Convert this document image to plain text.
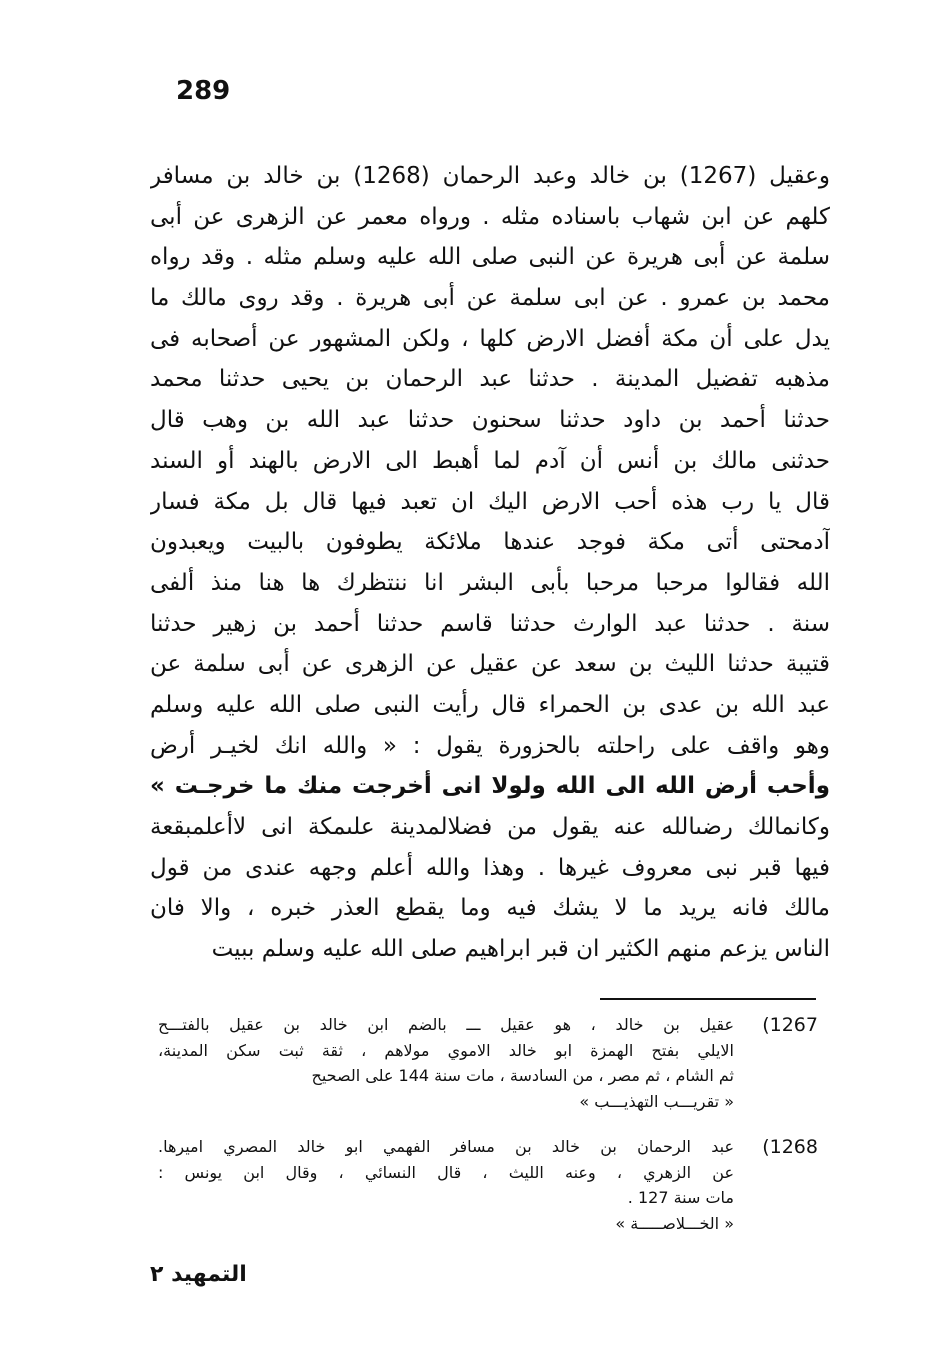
289
وعقيل (1267) بن خالد وعبد الرحمان (1268) بن خالد بن مسافر
كلهم عن ابن شهاب باسناده مثله . ورواه معمر عن الزهرى عن أبى
سلمة عن أبى هريرة عن النبى صلى الله عليه وسلم مثله . وقد رواه
محمد بن عمرو . عن ابى سلمة عن أبى هريرة . وقد روى مالك ما
يدل على أن مكة أفضل الارض كلها ، ولكن المشهور عن أصحابه فى
مذهبه تفضيل المدينة . حدثنا عبد الرحمان بن يحيى حدثنا محمد
حدثنا أحمد بن داود حدثنا سحنون حدثنا عبد الله بن وهب قال
حدثنى مالك بن أنس أن آدم لما أهبط الى الارض بالهند أو السند
قال يا رب هذه أحب الارض اليك ان تعبد فيها قال بل مكة فسار
آدمحتى أتى مكة فوجد عندها ملائكة يطوفون بالبيت ويعبدون
الله فقالوا مرحبا مرحبا بأبى البشر انا ننتظرك ها هنا منذ ألفى
سنة . حدثنا عبد الوارث حدثنا قاسم حدثنا أحمد بن زهير حدثنا
قتيبة حدثنا الليث بن سعد عن عقيل عن الزهرى عن أبى سلمة عن
عبد الله بن عدى بن الحمراء قال رأيت النبى صلى الله عليه وسلم
وهو واقف على راحلته بالحزورة يقول : « والله انك لخيـر أرض
وأحب أرض الله الى الله ولولا انى أخرجت منك ما خرجـت »
وكانمالك رضىالله عنه يقول من فضلالمدينة علىمكة انى لاأعلمبقعة
فيها قبر نبى معروف غيرها . وهذا والله أعلم وجهه عندى من قول
مالك فانه يريد ما لا يشك فيه وما يقطع العذر خبره ، والا فان
الناس يزعم منهم الكثير ان قبر ابراهيم صلى الله عليه وسلم ببيت
(1267
عقيل بن خالد ، هو عقيل ـــ بالضم ابن خالد بن عقيل بالفتـــح
الايلي بفتح الهمزة ابو خالد الاموي مولاهم ، ثقة ثبت سكن المدينة،
ثم الشام ، ثم مصر ، من السادسة ، مات سنة 144 على الصحيح
« تقريـــب التهذيـــب »
(1268
عبد الرحمان بن خالد بن مسافر الفهمي ابو خالد المصري اميرها.
عن الزهري ، وعنه الليث ، قال النسائي ، وقال ابن يونس :
مات سنة 127 .
« الخـــلاصـــــة »
التمهيد ٢
